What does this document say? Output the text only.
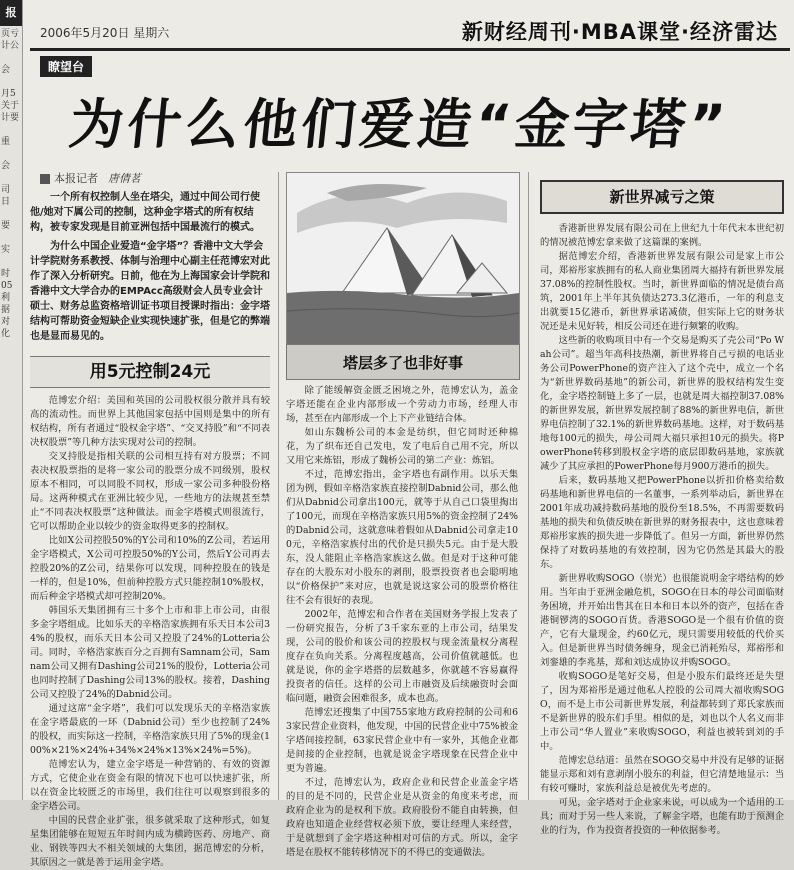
报
页亏
计公

会

月5
关于
计要

重

会

司
日

要

实

时
05
利
据
对
化
2006年5月20日 星期六	新财经周刊·MBA课堂·经济雷达
瞭望台
为什么他们爱造“金字塔”
本报记者 唐倩茗

一个所有权控制人坐在塔尖，通过中间公司行使他/她对下属公司的控制，这种金字塔式的所有权结构，被专家发现是目前亚洲包括中国最流行的模式。

为什么中国企业爱造“金字塔”？香港中文大学会计学院财务系教授、体制与治理中心副主任范博宏对此作了深入分析研究。日前，他在为上海国家会计学院和香港中文大学合办的EMPAcc高级财会人员专业会计硕士、财务总监资格培训证书项目授课时指出：金字塔结构可帮助资金短缺企业实现快速扩张，但是它的弊端也是显而易见的。

用5元控制24元

范博宏介绍：美国和英国的公司股权很分散并具有较高的流动性。而世界上其他国家包括中国则是集中的所有权结构，所有者通过“股权金字塔”、“交叉持股”和“不同表决权股票”等几种方法实现对公司的控制。

交叉持股是指相关联的公司相互持有对方股票；不同表决权股票指的是将一家公司的股票分成不同级别，股权原本不相同，可以同股不同权，形成一家公司多种股份格局。这两种模式在亚洲比较少见，一些地方的法规甚至禁止“不同表决权股票”这种做法。而金字塔模式则很流行，它可以帮助企业以较少的资金取得更多的控制权。

比如X公司控股50%的Y公司和10%的Z公司，若运用金字塔模式，X公司可控股50%的Y公司，然后Y公司再去控股20%的Z公司，结果你可以发现，同种控股在的钱是一样的，但是10%，但前种控股方式只能控制10%股权，而后种金字塔模式却可控制20%。

韩国乐天集团拥有三十多个上市和非上市公司，由很多金字塔组成。比如乐天的辛格浩家族拥有乐天日本公司34%的股权，而乐天日本公司又控股了24%的Lotteria公司。同时，辛格浩家族百分之百拥有Samnam公司，Samnam公司又拥有Dashing公司21%的股份，Lotteria公司也同时控制了Dashing公司13%的股权。接着，Dashing公司又控股了24%的Dabnid公司。

通过这席“金字塔”，我们可以发现乐天的辛格浩家族在金字塔最底的一环（Dabnid公司）至少也控制了24%的股权，而实际这一控制，辛格浩家族只用了5%的现金(100%×21%×24%+34%×24%×13%×24%=5%)。

范博宏认为，建立金字塔是一种营销的、有效的资源方式，它使企业在资金有限的情况下也可以快速扩张，所以在资金比较匮乏的市场里，我们往往可以观察到很多的金字塔公司。

中国的民营企业扩张，很多就采取了这种形式，如复星集团能够在短短五年时间内成为横跨医药、房地产、商业、钢铁等四大不相关领域的大集团，据范博宏的分析，其原因之一就是善于运用金字塔。

塔层多了也非好事

除了能缓解资金匮乏困境之外，范博宏认为，盖金字塔还能在企业内部形成一个劳动力市场，经理人市场，甚至在内部形成一个上下产业链结合体。

如山东魏桥公司的本金是纺织，但它同时还种棉花，为了织布还自己发电，发了电后自己用不完，所以又用它来炼铝，形成了魏桥公司的第二产业：炼铝。

不过，范博宏指出，金字塔也有副作用。以乐天集团为例，假如辛格浩家族直接控制Dabnid公司，那么他们从Dabnid公司拿出100元，就等于从自己口袋里掏出了100元，而现在辛格浩家族只用5%的资金控制了24%的Dabnid公司，这就意味着假如从Dabnid公司拿走100元，辛格浩家族付出的代价是只损失5元。由于是大股东，没人能阻止辛格浩家族这么做。但是对于这种可能存在的大股东对小股东的剥削，股票投资者也会聪明地以“价格保护”来对应，也就是说这家公司的股票价格往往不会有很好的表现。

2002年，范博宏和合作者在美国财务学报上发表了一份研究报告，分析了3千家东亚的上市公司，结果发现，公司的股价和该公司的控股权与现金流量权分离程度存在负向关系。分离程度越高，公司价值就越低。也就是说，你的金字塔搭的层数越多，你就越不容易赢得投资者的信任。这样的公司上市融资及后续融资时会面临问题，融资会困难很多，成本也高。

范博宏还搜集了中国755家地方政府控制的公司和63家民营企业资料，他发现，中国的民营企业中75%被金字塔间接控制，63家民营企业中有一家外，其他企业都是间接的企业控制，也就是说金字塔现象在民营企业中更为普遍。

不过，范博宏认为，政府企业和民营企业盖金字塔的目的是不同的，民营企业是从资金的角度来考虑，而政府企业为的是权利下放。政府股份不能自由转换，但政府也知道企业经营权必须下放，要让经理人来经营，于是就想到了金字塔这种相对可信的方式。所以，金字塔是在股权不能转移情况下的不得已的变通做法。

新世界减亏之策

香港新世界发展有限公司在上世纪九十年代末本世纪初的情况被范博宏拿来做了这篇课的案例。

据范博宏介绍，香港新世界发展有限公司是家上市公司，郑裕彤家族拥有的私人商业集团周大福持有新世界发展37.08%的控制性股权。当时，新世界面临的情况是债台高筑，2001年上半年其负债达273.3亿港币，一年的利息支出就要15亿港币，新世界承诺减债，但实际上它的财务状况还是未见好转，相反公司还在进行频繁的收购。

这些新的收购项目中有一个交易是购买了壳公司“Po Wah公司”。超当年高科技热潮，新世界将自己亏损的电话业务公司PowerPhone的资产注入了这个壳中，成立一个名为“新世界数码基地”的新公司，新世界的股权结构发生变化，金字塔控制链上多了一层，也就是周大福控制37.08%的新世界发展，新世界发展控制了88%的新世界电信，新世界电信控制了32.1%的新世界数码基地。这样，对于数码基地每100元的损失，母公司周大福只承担10元的损失。将PowerPhone转移到股权金字塔的底层即数码基地，家族就减少了其应承担的PowerPhone每月900万港币的损失。

后来，数码基地又把PowerPhone以折扣价格卖给数码基地和新世界电信的一名董事，一系列举动后，新世界在2001年成功减持数码基地的股份至18.5%，不再需要数码基地的损失和负债反映在新世界的财务报表中，这也意味着郑裕彤家族的损失进一步降低了。但另一方面，新世界仍然保持了对数码基地的有效控制，因为它仍然是其最大的股东。

新世界收购SOGO（崇光）也很能说明金字塔结构的妙用。当年由于亚洲金融危机，SOGO在日本的母公司面临财务困境，并开始出售其在日本和日本以外的资产，包括在香港铜锣湾的SOGO百货。香港SOGO是一个很有价值的资产，它有大量现金，约60亿元，现只需要用较低的代价买入。但是新世界当时债务缠身，现金已消耗殆尽，郑裕彤和刘銮雄的李兆基，郑和刘达成协议并购SOGO。

收购SOGO是笔好交易，但是小股东们最终还是失望了，因为郑裕彤是通过他私人控股的公司周大福收购SOGO，而不是上市公司新世界发展，利益都转到了郑氏家族而不是新世界的股东们手里。相似的是，刘也以个人名义而非上市公司“华人置业”来收购SOGO，利益也被转到刘的手中。

范博宏总结道：虽然在SOGO交易中并没有足够的证据能显示郑和刘有意剥削小股东的利益，但它清楚地显示：当有较可赚时，家族利益总是被优先考虑的。

可见，金字塔对于企业家来说，可以成为一个适用的工具；而对于另一些人来说，了解金字塔，也能有助于预测企业的行为，作为投资者投资的一种依据参考。
